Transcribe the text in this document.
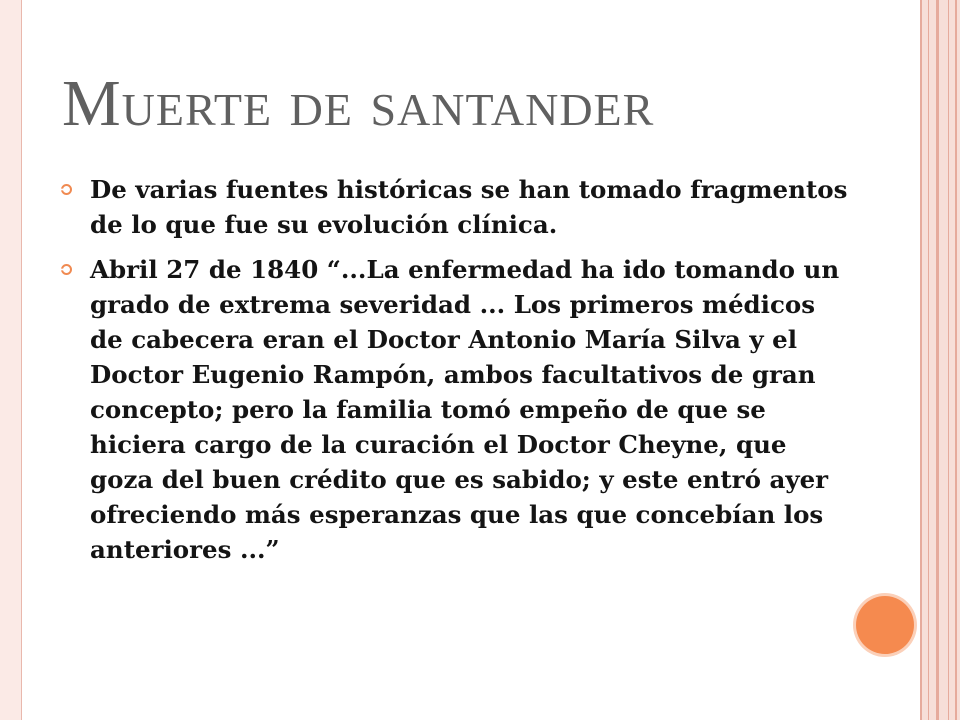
Muerte de santander
De varias fuentes históricas se han tomado fragmentos de lo que fue su evolución clínica.
Abril 27 de 1840 “...La enfermedad ha ido tomando un grado de extrema severidad ... Los primeros médicos de cabecera eran el Doctor Antonio María Silva y el Doctor Eugenio Rampón, ambos facultativos de gran concepto; pero la familia tomó empeño de que se hiciera cargo de la curación el Doctor Cheyne, que goza del buen crédito que es sabido; y este entró ayer ofreciendo más esperanzas que las que concebían los anteriores ...”
